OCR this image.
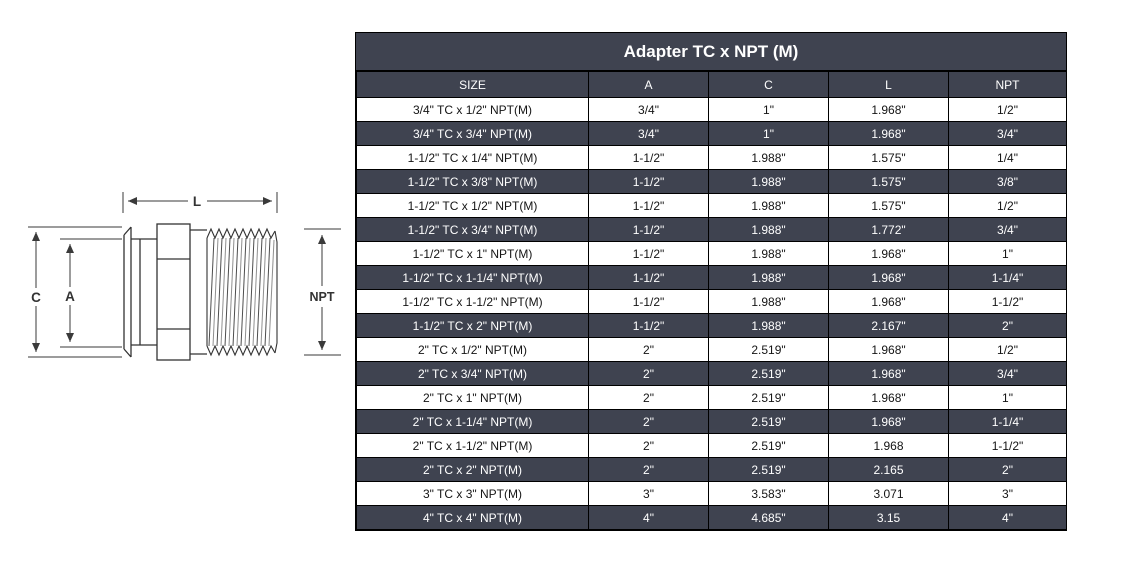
C A
L
NPT
Adapter TC x NPT (M)
SIZE	A	C	L	NPT
3/4" TC x 1/2" NPT(M)	3/4"	1"	1.968"	1/2"
3/4" TC x 3/4" NPT(M)	3/4"	1"	1.968"	3/4"
1-1/2" TC x 1/4" NPT(M)	1-1/2"	1.988"	1.575"	1/4"
1-1/2" TC x 3/8" NPT(M)	1-1/2"	1.988"	1.575"	3/8"
1-1/2" TC x 1/2" NPT(M)	1-1/2"	1.988"	1.575"	1/2"
1-1/2" TC x 3/4" NPT(M)	1-1/2"	1.988"	1.772"	3/4"
1-1/2" TC x 1" NPT(M)	1-1/2"	1.988"	1.968"	1"
1-1/2" TC x 1-1/4" NPT(M)	1-1/2"	1.988"	1.968"	1-1/4"
1-1/2" TC x 1-1/2" NPT(M)	1-1/2"	1.988"	1.968"	1-1/2"
1-1/2" TC x 2" NPT(M)	1-1/2"	1.988"	2.167"	2"
2" TC x 1/2" NPT(M)	2"	2.519"	1.968"	1/2"
2" TC x 3/4" NPT(M)	2"	2.519"	1.968"	3/4"
2" TC x 1" NPT(M)	2"	2.519"	1.968"	1"
2" TC x 1-1/4" NPT(M)	2"	2.519"	1.968"	1-1/4"
2" TC x 1-1/2" NPT(M)	2"	2.519"	1.968	1-1/2"
2" TC x 2" NPT(M)	2"	2.519"	2.165	2"
3" TC x 3" NPT(M)	3"	3.583"	3.071	3"
4" TC x 4" NPT(M)	4"	4.685"	3.15	4"
